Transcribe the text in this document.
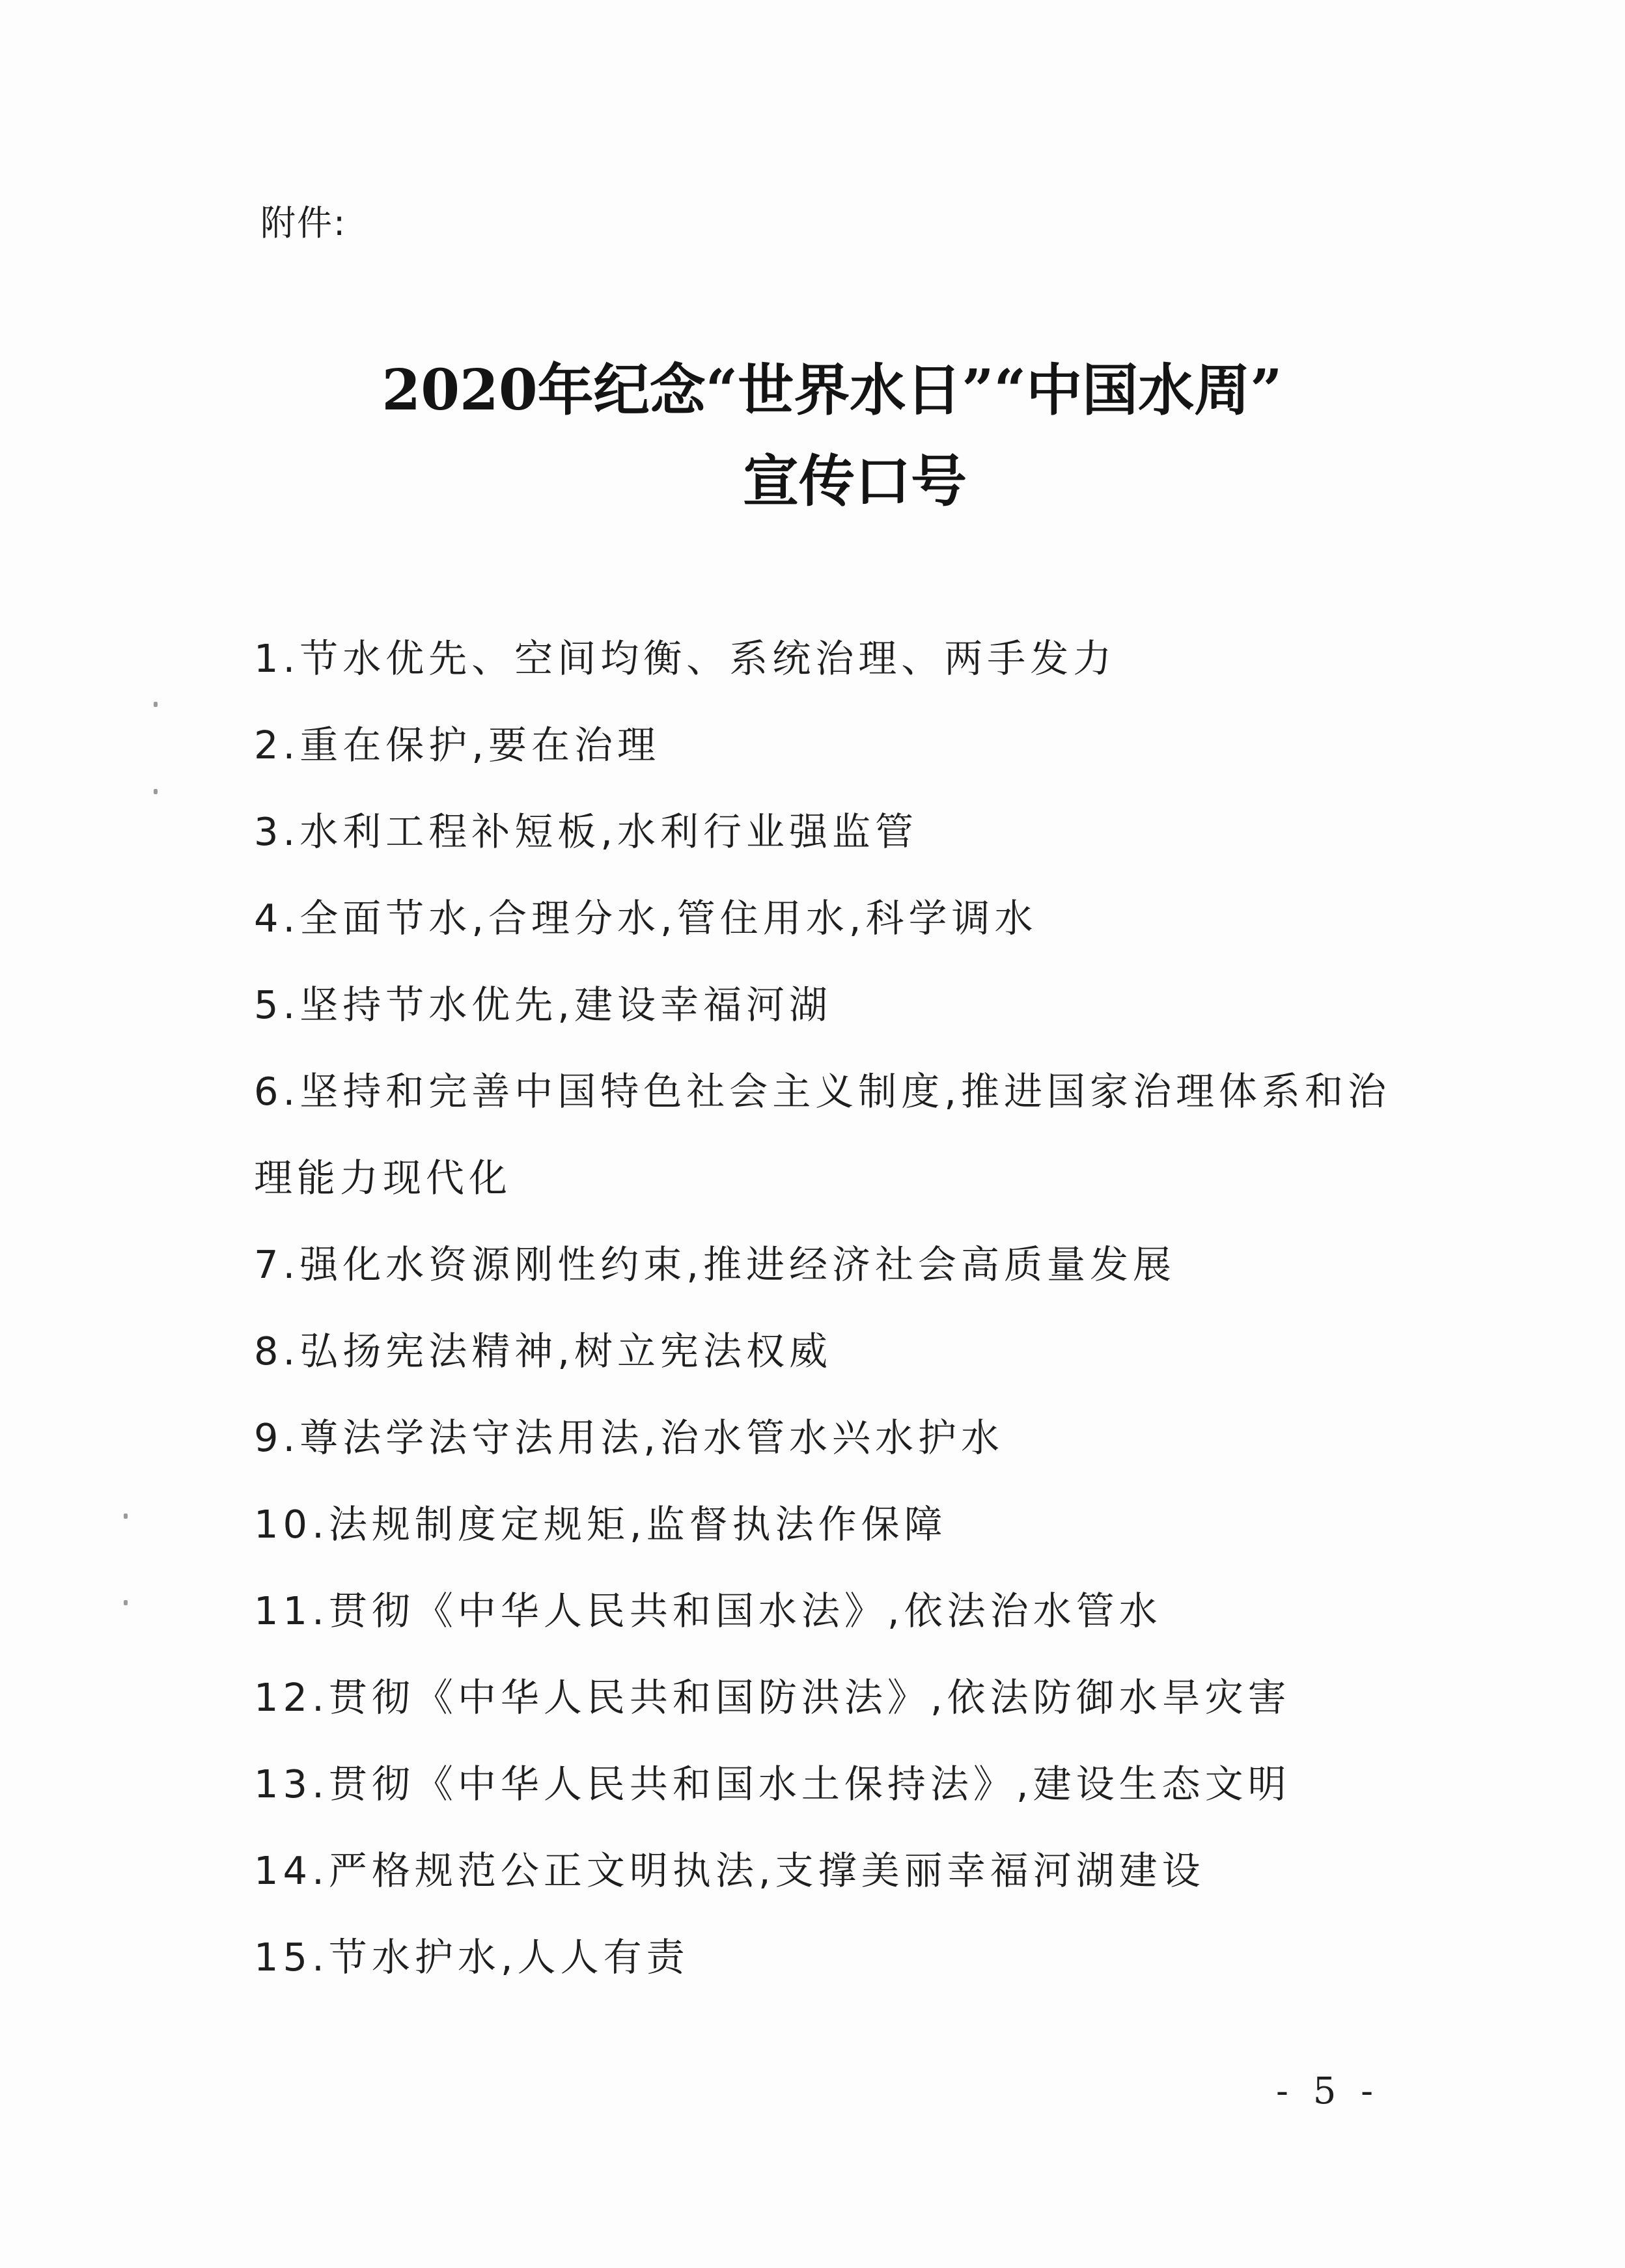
附件:

2020年纪念“世界水日”“中国水周”

宣传口号

1.节水优先、空间均衡、系统治理、两手发力
2.重在保护,要在治理
3.水利工程补短板,水利行业强监管
4.全面节水,合理分水,管住用水,科学调水
5.坚持节水优先,建设幸福河湖
6.坚持和完善中国特色社会主义制度,推进国家治理体系和治理能力现代化
7.强化水资源刚性约束,推进经济社会高质量发展
8.弘扬宪法精神,树立宪法权威
9.尊法学法守法用法,治水管水兴水护水
10.法规制度定规矩,监督执法作保障
11.贯彻《中华人民共和国水法》,依法治水管水
12.贯彻《中华人民共和国防洪法》,依法防御水旱灾害
13.贯彻《中华人民共和国水土保持法》,建设生态文明
14.严格规范公正文明执法,支撑美丽幸福河湖建设
15.节水护水,人人有责
- 5 -
